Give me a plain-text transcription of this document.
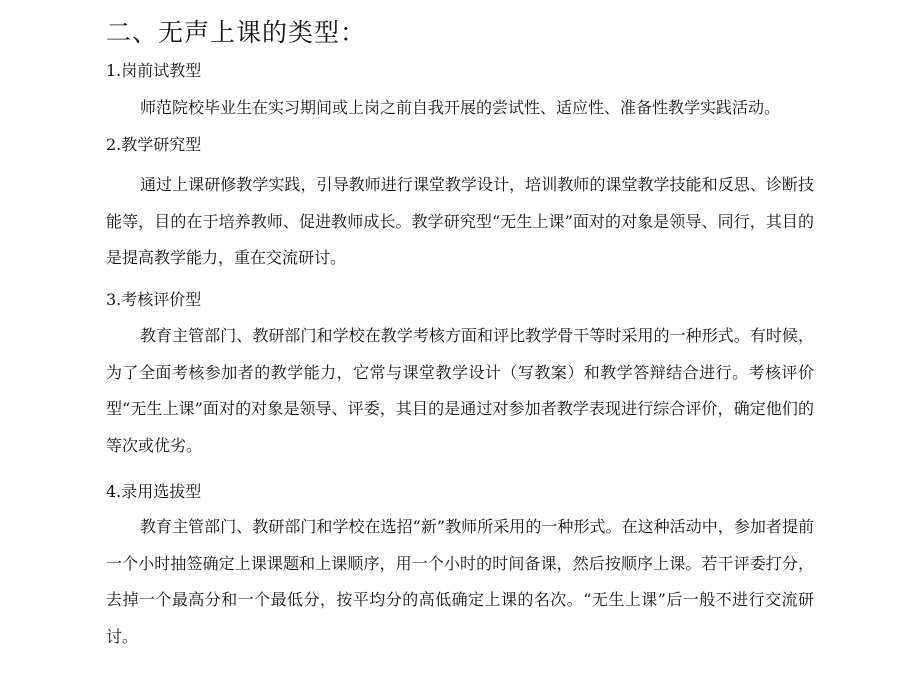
二、无声上课的类型：

1.岗前试教型

师范院校毕业生在实习期间或上岗之前自我开展的尝试性、适应性、准备性教学实践活动。

2.教学研究型

通过上课研修教学实践，引导教师进行课堂教学设计，培训教师的课堂教学技能和反思、诊断技能等，目的在于培养教师、促进教师成长。教学研究型“无生上课”面对的对象是领导、同行，其目的是提高教学能力，重在交流研讨。

3.考核评价型

教育主管部门、教研部门和学校在教学考核方面和评比教学骨干等时采用的一种形式。有时候，为了全面考核参加者的教学能力，它常与课堂教学设计（写教案）和教学答辩结合进行。考核评价型“无生上课”面对的对象是领导、评委，其目的是通过对参加者教学表现进行综合评价，确定他们的等次或优劣。

4.录用选拔型

教育主管部门、教研部门和学校在选招“新”教师所采用的一种形式。在这种活动中，参加者提前一个小时抽签确定上课课题和上课顺序，用一个小时的时间备课，然后按顺序上课。若干评委打分，去掉一个最高分和一个最低分，按平均分的高低确定上课的名次。“无生上课”后一般不进行交流研讨。
